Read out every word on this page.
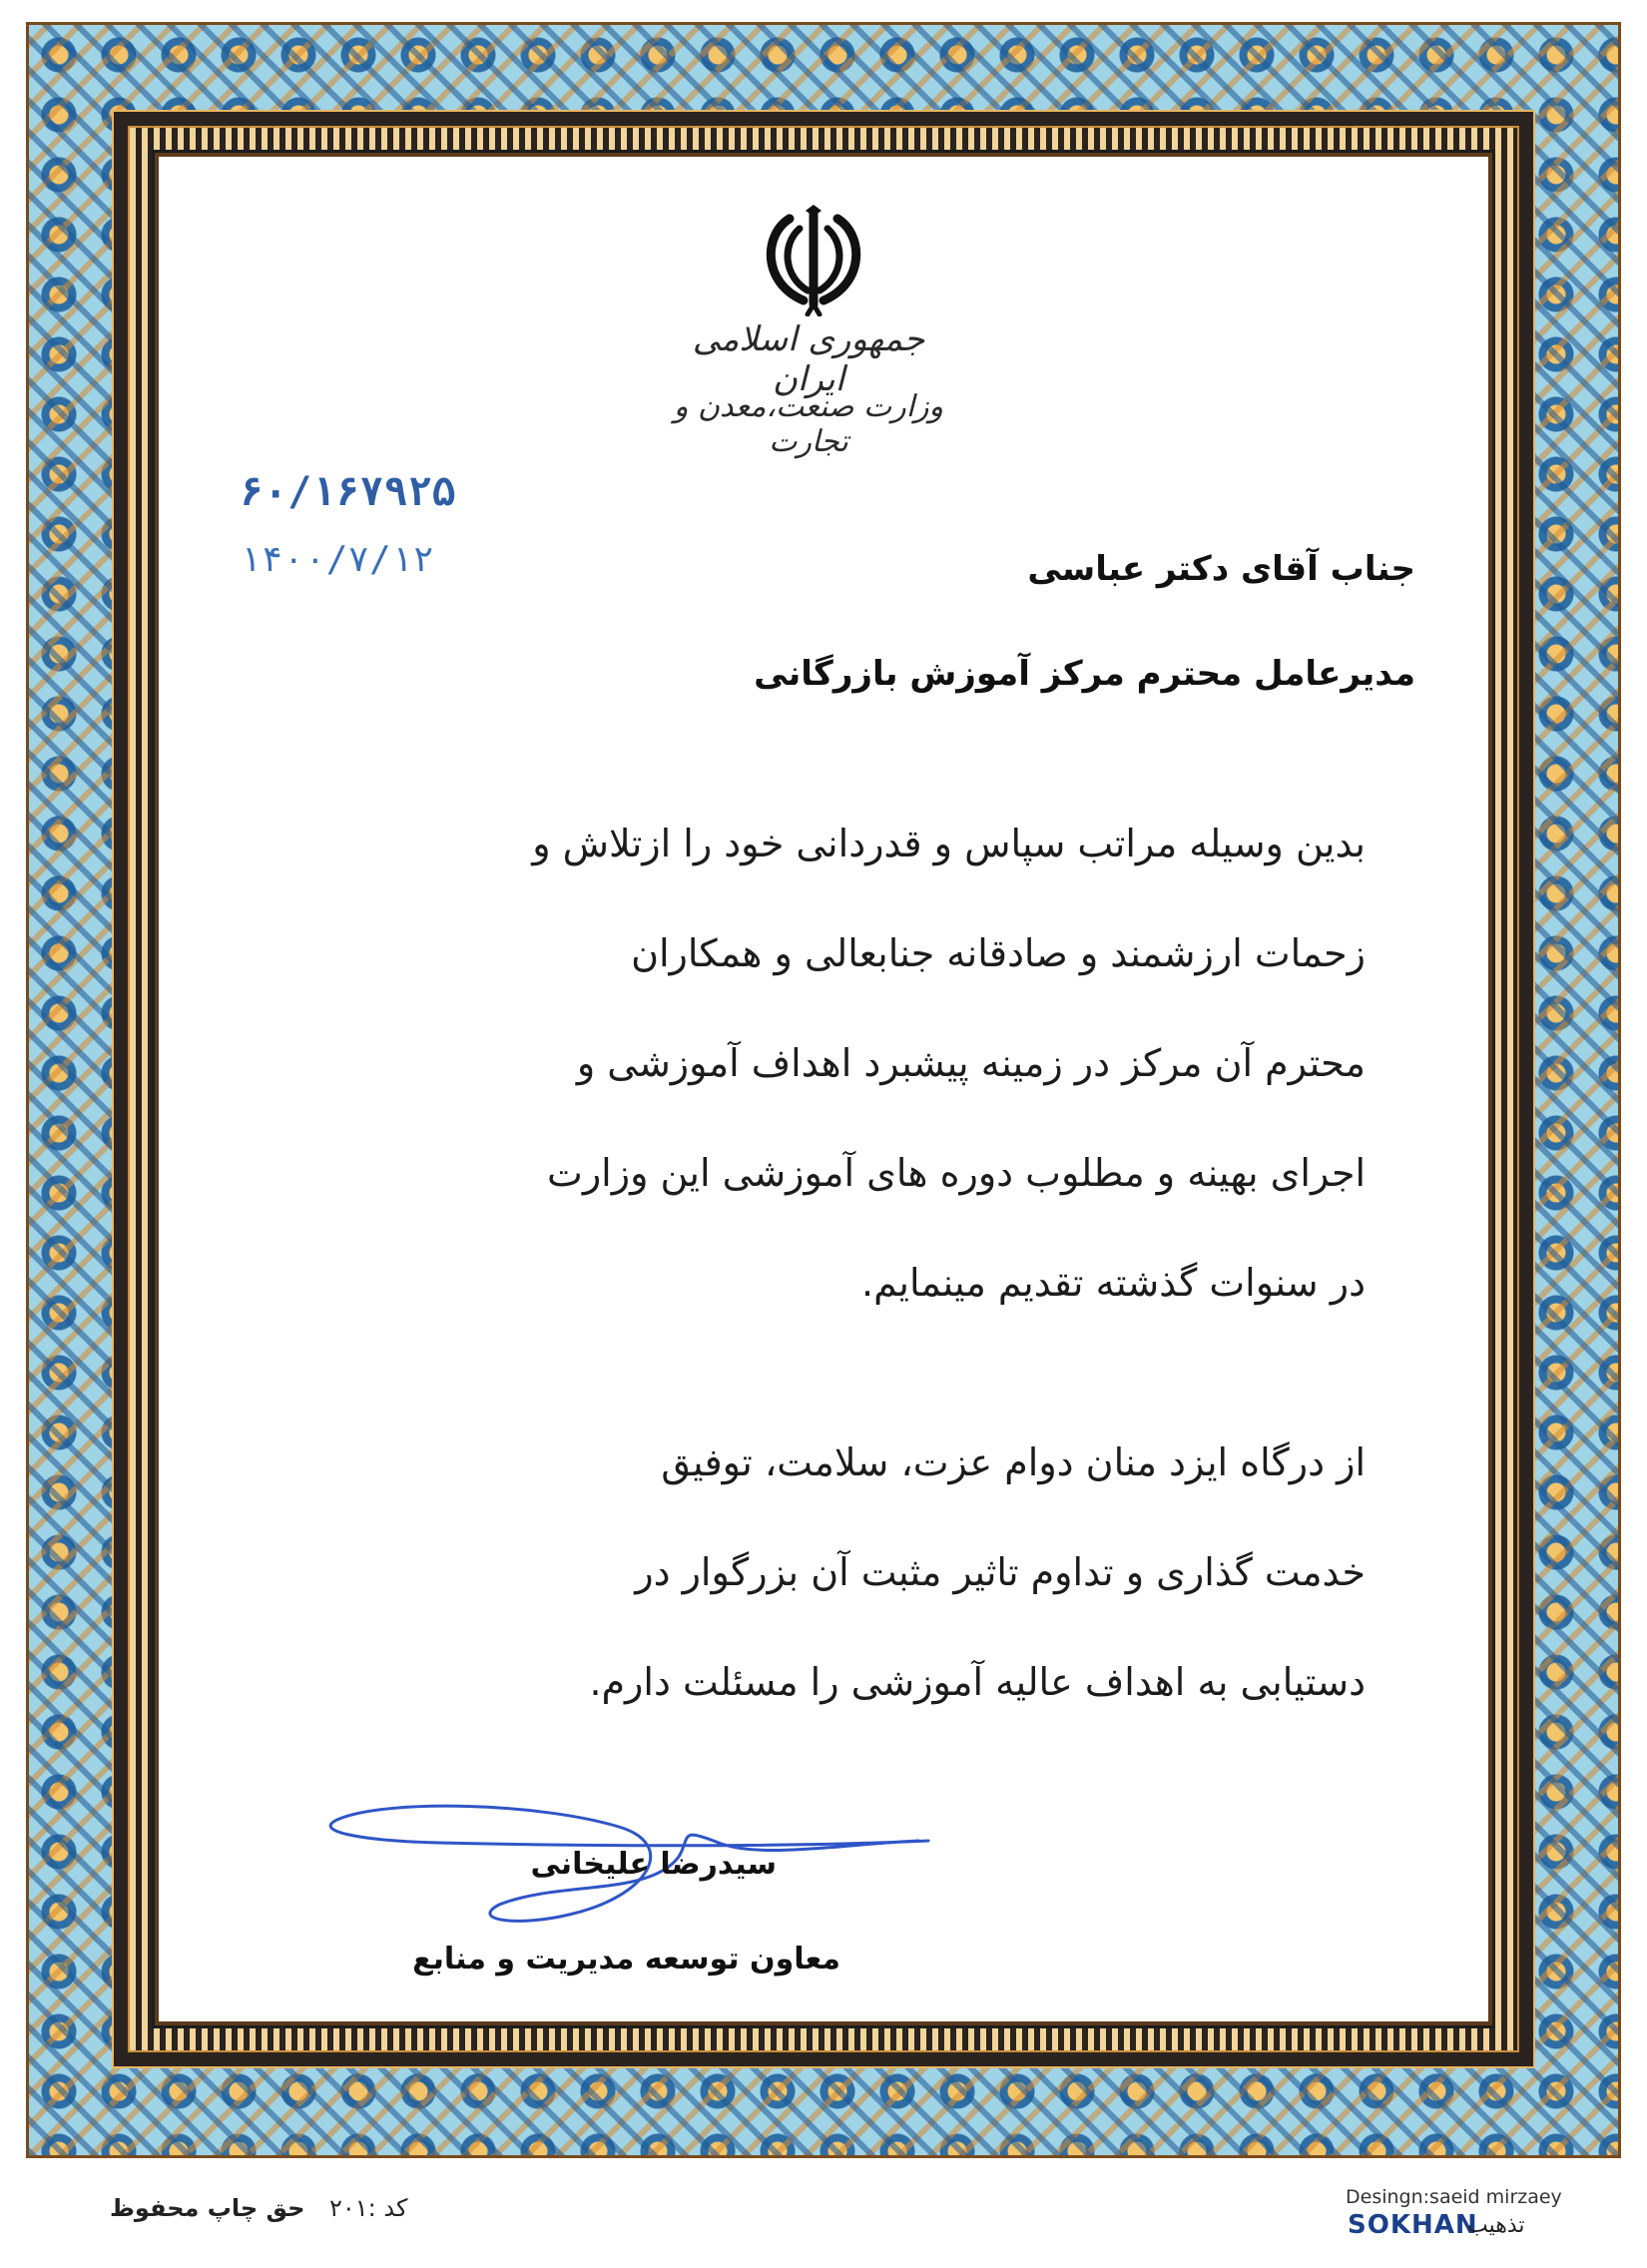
جمهوری اسلامی ایران
وزارت صنعت،معدن و تجارت
۶۰/۱۶۷۹۲۵
۱۴۰۰/۷/۱۲	جناب آقای دکتر عباسی
مدیرعامل محترم مرکز آموزش بازرگانی
بدین وسیله مراتب سپاس و قدردانی خود را ازتلاش و
زحمات ارزشمند و صادقانه جنابعالی و همکاران
محترم آن مرکز در زمینه پیشبرد اهداف آموزشی و
اجرای بهینه و مطلوب دوره های آموزشی این وزارت
در سنوات گذشته تقدیم مینمایم.
از درگاه ایزد منان دوام عزت، سلامت، توفیق
خدمت گذاری و تداوم تاثیر مثبت آن بزرگوار در
دستیابی به اهداف عالیه آموزشی را مسئلت دارم.
سیدرضا علیخانی
معاون توسعه مدیریت و منابع
حق چاپ محفوظ کد :۲۰۱	Desingn:saeid mirzaey
SOKHAN
تذهیب
